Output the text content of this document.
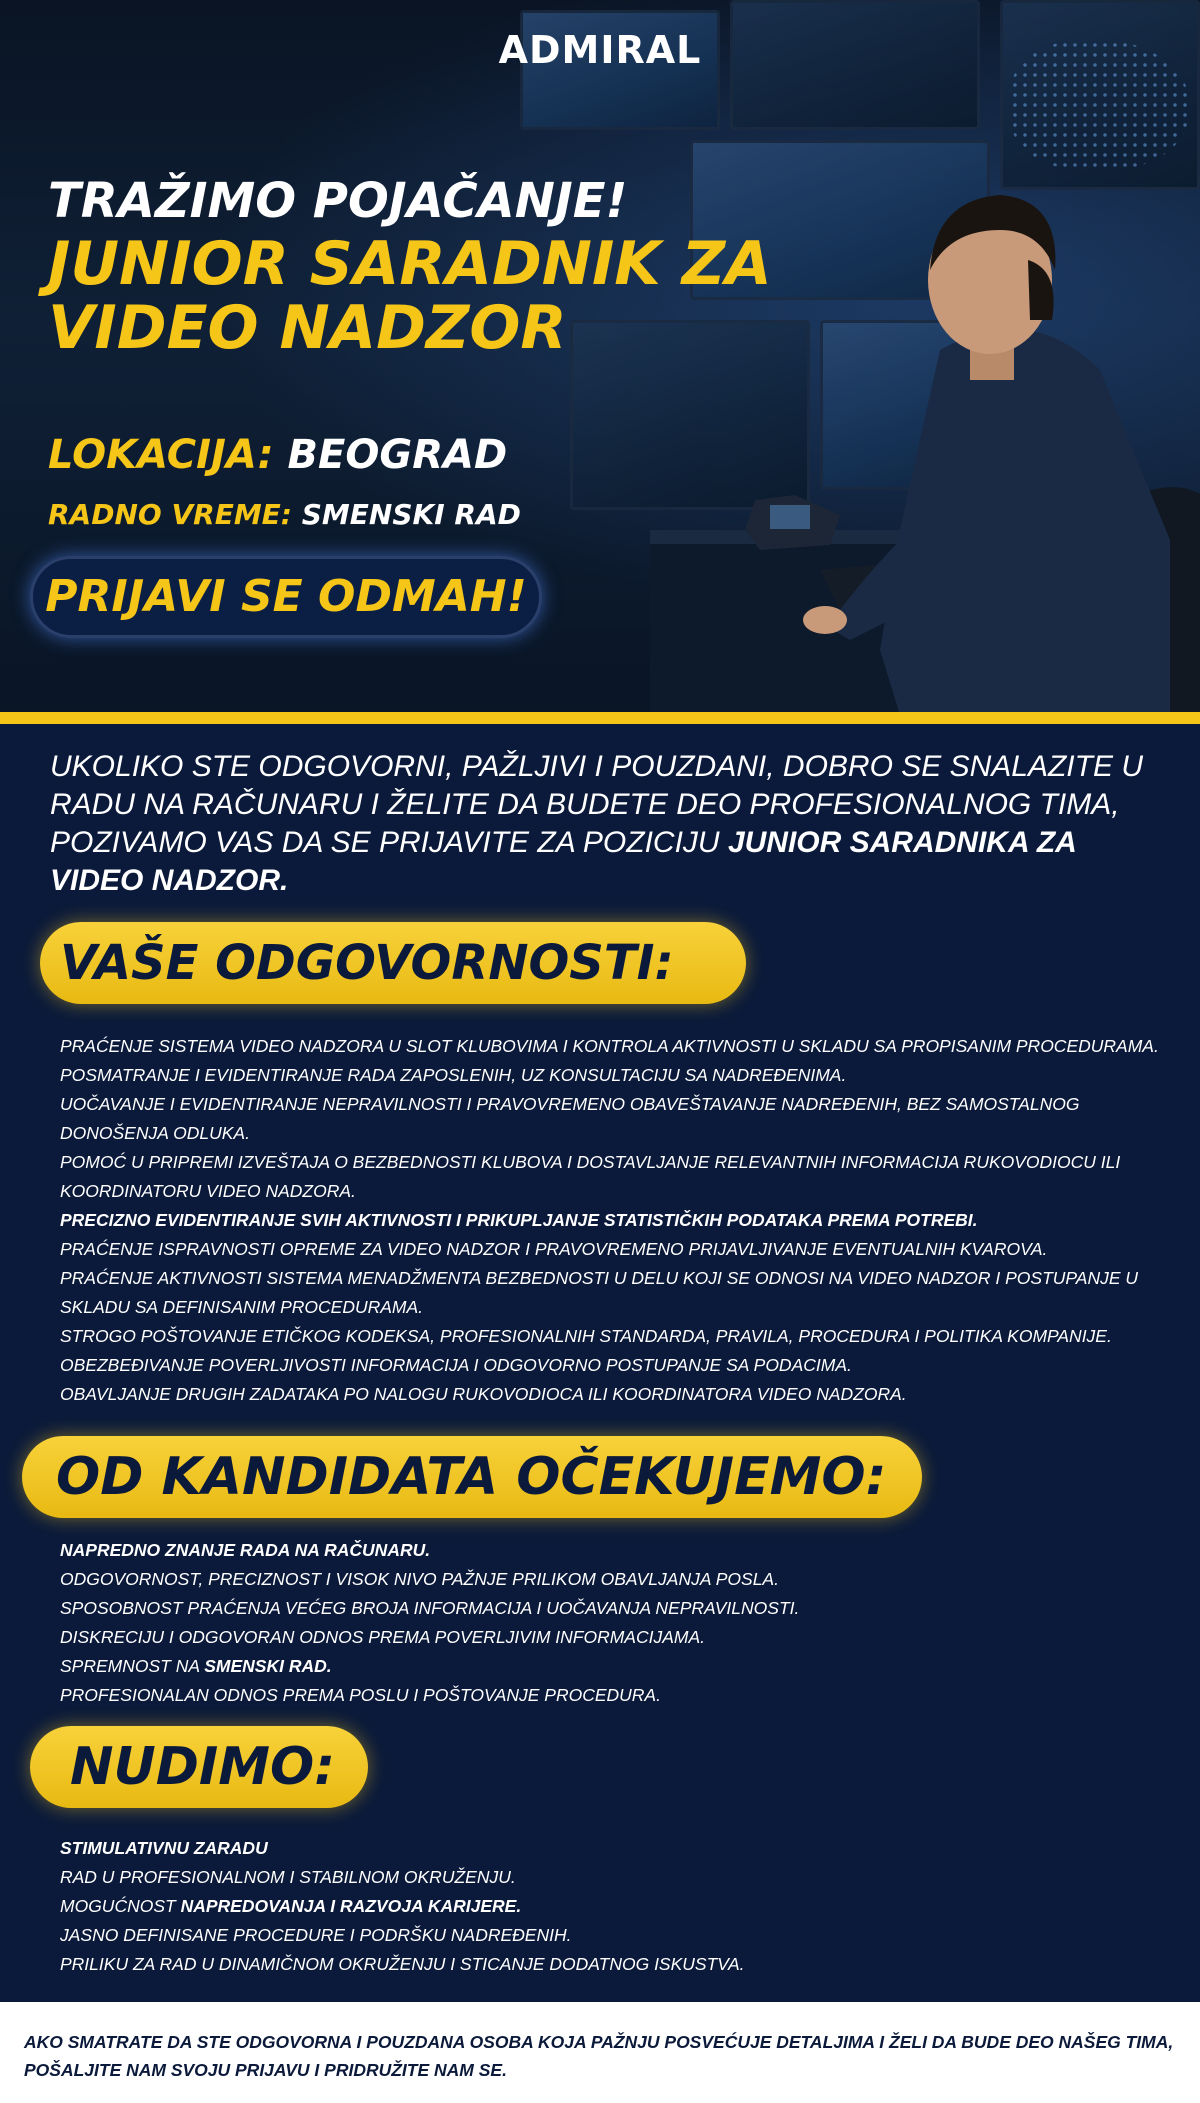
ADMIRAL
TRAŽIMO POJAČANJE!
JUNIOR SARADNIK ZA
VIDEO NADZOR
LOKACIJA: BEOGRAD
RADNO VREME: SMENSKI RAD
PRIJAVI SE ODMAH!
UKOLIKO STE ODGOVORNI, PAŽLJIVI I POUZDANI, DOBRO SE SNALAZITE U RADU NA RAČUNARU I ŽELITE DA BUDETE DEO PROFESIONALNOG TIMA, POZIVAMO VAS DA SE PRIJAVITE ZA POZICIJU JUNIOR SARADNIKA ZA VIDEO NADZOR.
VAŠE ODGOVORNOSTI:
PRAĆENJE SISTEMA VIDEO NADZORA U SLOT KLUBOVIMA I KONTROLA AKTIVNOSTI U SKLADU SA PROPISANIM PROCEDURAMA.
POSMATRANJE I EVIDENTIRANJE RADA ZAPOSLENIH, UZ KONSULTACIJU SA NADREĐENIMA.
UOČAVANJE I EVIDENTIRANJE NEPRAVILNOSTI I PRAVOVREMENO OBAVEŠTAVANJE NADREĐENIH, BEZ SAMOSTALNOG DONOŠENJA ODLUKA.
POMOĆ U PRIPREMI IZVEŠTAJA O BEZBEDNOSTI KLUBOVA I DOSTAVLJANJE RELEVANTNIH INFORMACIJA RUKOVODIOCU ILI KOORDINATORU VIDEO NADZORA.
PRECIZNO EVIDENTIRANJE SVIH AKTIVNOSTI I PRIKUPLJANJE STATISTIČKIH PODATAKA PREMA POTREBI.
PRAĆENJE ISPRAVNOSTI OPREME ZA VIDEO NADZOR I PRAVOVREMENO PRIJAVLJIVANJE EVENTUALNIH KVAROVA.
PRAĆENJE AKTIVNOSTI SISTEMA MENADŽMENTA BEZBEDNOSTI U DELU KOJI SE ODNOSI NA VIDEO NADZOR I POSTUPANJE U SKLADU SA DEFINISANIM PROCEDURAMA.
STROGO POŠTOVANJE ETIČKOG KODEKSA, PROFESIONALNIH STANDARDA, PRAVILA, PROCEDURA I POLITIKA KOMPANIJE.
OBEZBEĐIVANJE POVERLJIVOSTI INFORMACIJA I ODGOVORNO POSTUPANJE SA PODACIMA.
OBAVLJANJE DRUGIH ZADATAKA PO NALOGU RUKOVODIOCA ILI KOORDINATORA VIDEO NADZORA.
OD KANDIDATA OČEKUJEMO:
NAPREDNO ZNANJE RADA NA RAČUNARU.
ODGOVORNOST, PRECIZNOST I VISOK NIVO PAŽNJE PRILIKOM OBAVLJANJA POSLA.
SPOSOBNOST PRAĆENJA VEĆEG BROJA INFORMACIJA I UOČAVANJA NEPRAVILNOSTI.
DISKRECIJU I ODGOVORAN ODNOS PREMA POVERLJIVIM INFORMACIJAMA.
SPREMNOST NA SMENSKI RAD.
PROFESIONALAN ODNOS PREMA POSLU I POŠTOVANJE PROCEDURA.
NUDIMO:
STIMULATIVNU ZARADU
RAD U PROFESIONALNOM I STABILNOM OKRUŽENJU.
MOGUĆNOST NAPREDOVANJA I RAZVOJA KARIJERE.
JASNO DEFINISANE PROCEDURE I PODRŠKU NADREĐENIH.
PRILIKU ZA RAD U DINAMIČNOM OKRUŽENJU I STICANJE DODATNOG ISKUSTVA.
AKO SMATRATE DA STE ODGOVORNA I POUZDANA OSOBA KOJA PAŽNJU POSVEĆUJE DETALJIMA I ŽELI DA BUDE DEO NAŠEG TIMA, POŠALJITE NAM SVOJU PRIJAVU I PRIDRUŽITE NAM SE.
